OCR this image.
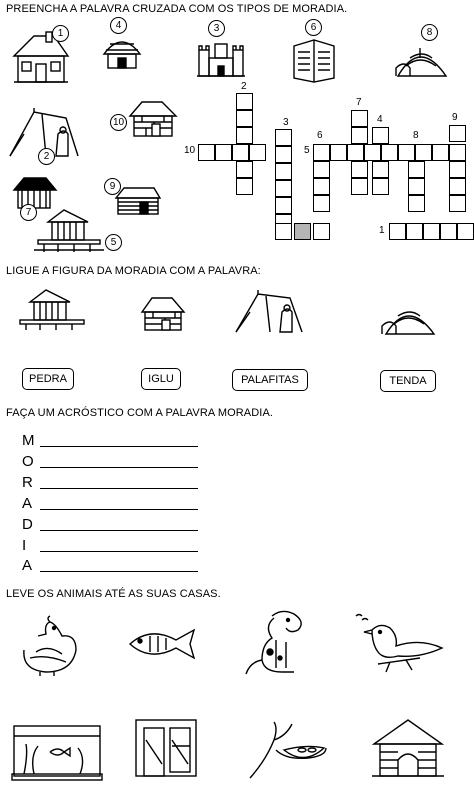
PREENCHA A PALAVRA CRUZADA COM OS TIPOS DE MORADIA.
1
4	3	6	8
2
10
9
7
5
2
10
3
6
5
7
4
8
9
1
LIGUE A FIGURA DA MORADIA COM A PALAVRA:
PEDRA	IGLU	PALAFITAS	TENDA
FAÇA UM ACRÓSTICO COM A PALAVRA MORADIA.
M
O
R
A
D
I
A
LEVE OS ANIMAIS ATÉ AS SUAS CASAS.
